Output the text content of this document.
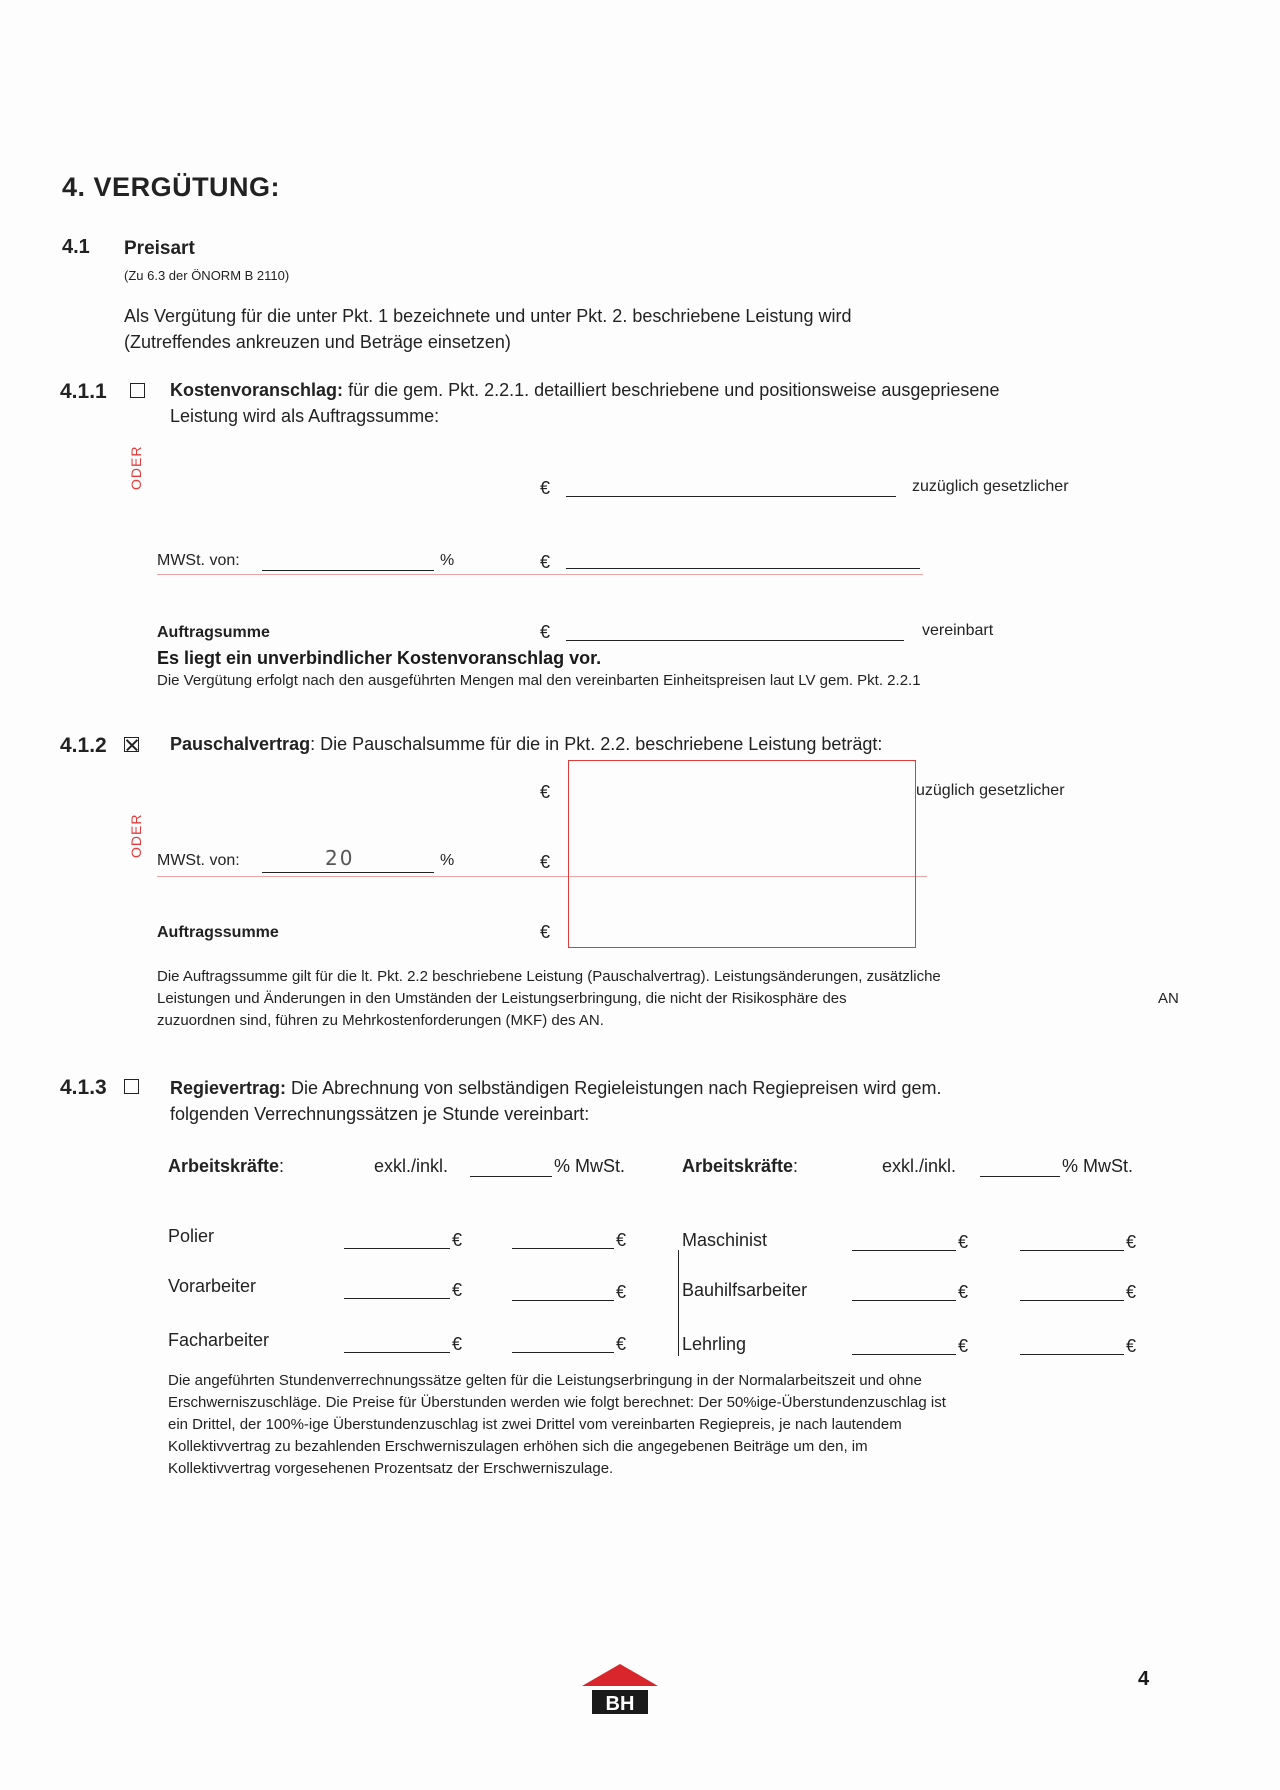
4. VERGÜTUNG:
4.1 Preisart
(Zu 6.3 der ÖNORM B 2110)
Als Vergütung für die unter Pkt. 1 bezeichnete und unter Pkt. 2. beschriebene Leistung wird
(Zutreffendes ankreuzen und Beträge einsetzen)
4.1.1	Kostenvoranschlag: für die gem. Pkt. 2.2.1. detailliert beschriebene und positionsweise ausgepriesene
Leistung wird als Auftragssumme:
ODER	€	zuzüglich gesetzlicher
MWSt. von:	%	€
Auftragsumme	€	vereinbart
Es liegt ein unverbindlicher Kostenvoranschlag vor.
Die Vergütung erfolgt nach den ausgeführten Mengen mal den vereinbarten Einheitspreisen laut LV gem. Pkt. 2.2.1
4.1.2	Pauschalvertrag: Die Pauschalsumme für die in Pkt. 2.2. beschriebene Leistung beträgt:
ODER
€	uzüglich gesetzlicher
MWSt. von:	20	%	€
Auftragssumme	€
Die Auftragssumme gilt für die lt. Pkt. 2.2 beschriebene Leistung (Pauschalvertrag). Leistungsänderungen, zusätzliche
Leistungen und Änderungen in den Umständen der Leistungserbringung, die nicht der Risikosphäre des	AN
zuzuordnen sind, führen zu Mehrkostenforderungen (MKF) des AN.
4.1.3	Regievertrag: Die Abrechnung von selbständigen Regieleistungen nach Regiepreisen wird gem.
folgenden Verrechnungssätzen je Stunde vereinbart:
Arbeitskräfte:	exkl./inkl.	% MwSt.	Arbeitskräfte:	exkl./inkl.	% MwSt.
Polier	€	€
Vorarbeiter	€	€
Facharbeiter	€	€
Maschinist	€	€
Bauhilfsarbeiter	€	€
Lehrling	€	€
Die angeführten Stundenverrechnungssätze gelten für die Leistungserbringung in der Normalarbeitszeit und ohne
Erschwerniszuschläge. Die Preise für Überstunden werden wie folgt berechnet: Der 50%ige-Überstundenzuschlag ist
ein Drittel, der 100%-ige Überstundenzuschlag ist zwei Drittel vom vereinbarten Regiepreis, je nach lautendem
Kollektivvertrag zu bezahlenden Erschwerniszulagen erhöhen sich die angegebenen Beiträge um den, im
Kollektivvertrag vorgesehenen Prozentsatz der Erschwerniszulage.
BH
4
